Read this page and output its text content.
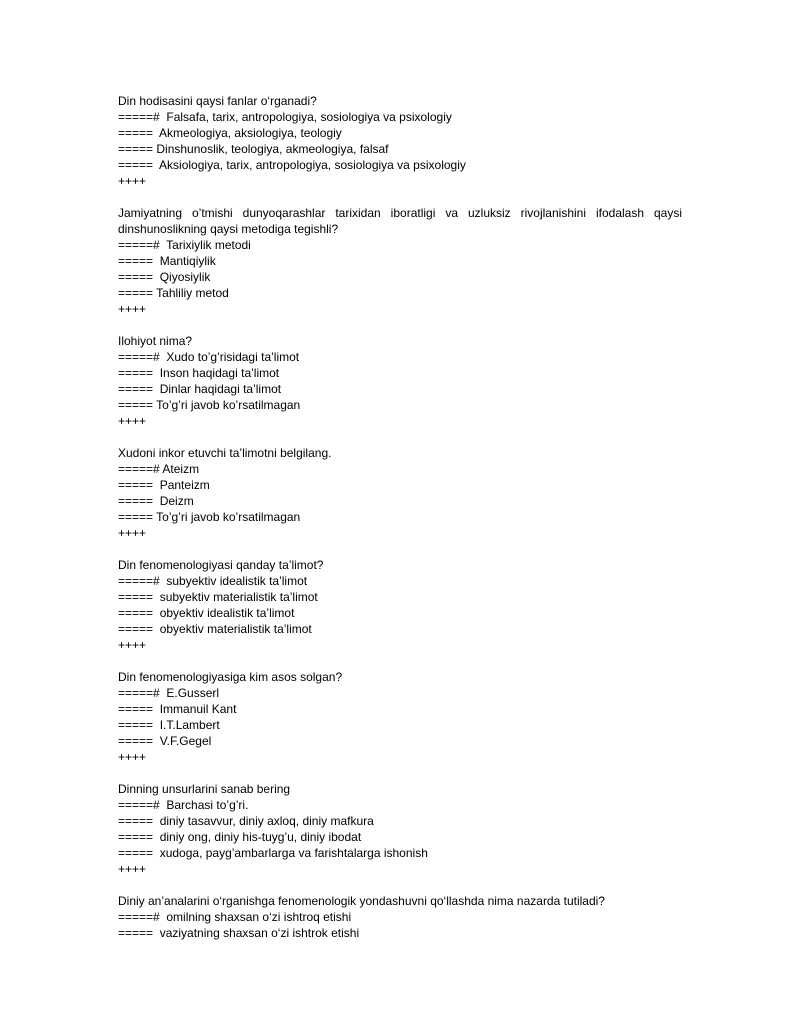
Din hodisasini qaysi fanlar o‘rganadi?
=====#  Falsafa, tarix, antropologiya, sosiologiya va psixologiy
=====  Akmeologiya, aksiologiya, teologiy
===== Dinshunoslik, teologiya, akmeologiya, falsaf
=====  Aksiologiya, tarix, antropologiya, sosiologiya va psixologiy
++++
Jamiyatning o’tmishi dunyoqarashlar tarixidan iboratligi va uzluksiz rivojlanishini ifodalash qaysi dinshunoslikning qaysi metodiga tegishli?
=====#  Tarixiylik metodi
=====  Mantiqiylik
=====  Qiyosiylik
===== Tahliliy metod
++++
Ilohiyot nima?
=====#  Xudo to’g’risidagi ta’limot
=====  Inson haqidagi ta’limot
=====  Dinlar haqidagi ta’limot
===== To’g’ri javob ko’rsatilmagan
++++
Xudoni inkor etuvchi ta’limotni belgilang.
=====# Ateizm
=====  Panteizm
=====  Deizm
===== To’g’ri javob ko’rsatilmagan
++++
Din fenomenologiyasi qanday ta’limot?
=====#  subyektiv idealistik ta’limot
=====  subyektiv materialistik ta’limot
=====  obyektiv idealistik ta’limot
=====  obyektiv materialistik ta’limot
++++
Din fenomenologiyasiga kim asos solgan?
=====#  E.Gusserl
=====  Immanuil Kant
=====  I.T.Lambert
=====  V.F.Gegel
++++
Dinning unsurlarini sanab bering
=====#  Barchasi to’g’ri.
=====  diniy tasavvur, diniy axloq, diniy mafkura
=====  diniy ong, diniy his-tuyg’u, diniy ibodat
=====  xudoga, payg’ambarlarga va farishtalarga ishonish
++++
Diniy an’analarini o‘rganishga fenomenologik yondashuvni qo‘llashda nima nazarda tutiladi?
=====#  omilning shaxsan o‘zi ishtroq etishi
=====  vaziyatning shaxsan o‘zi ishtrok etishi
